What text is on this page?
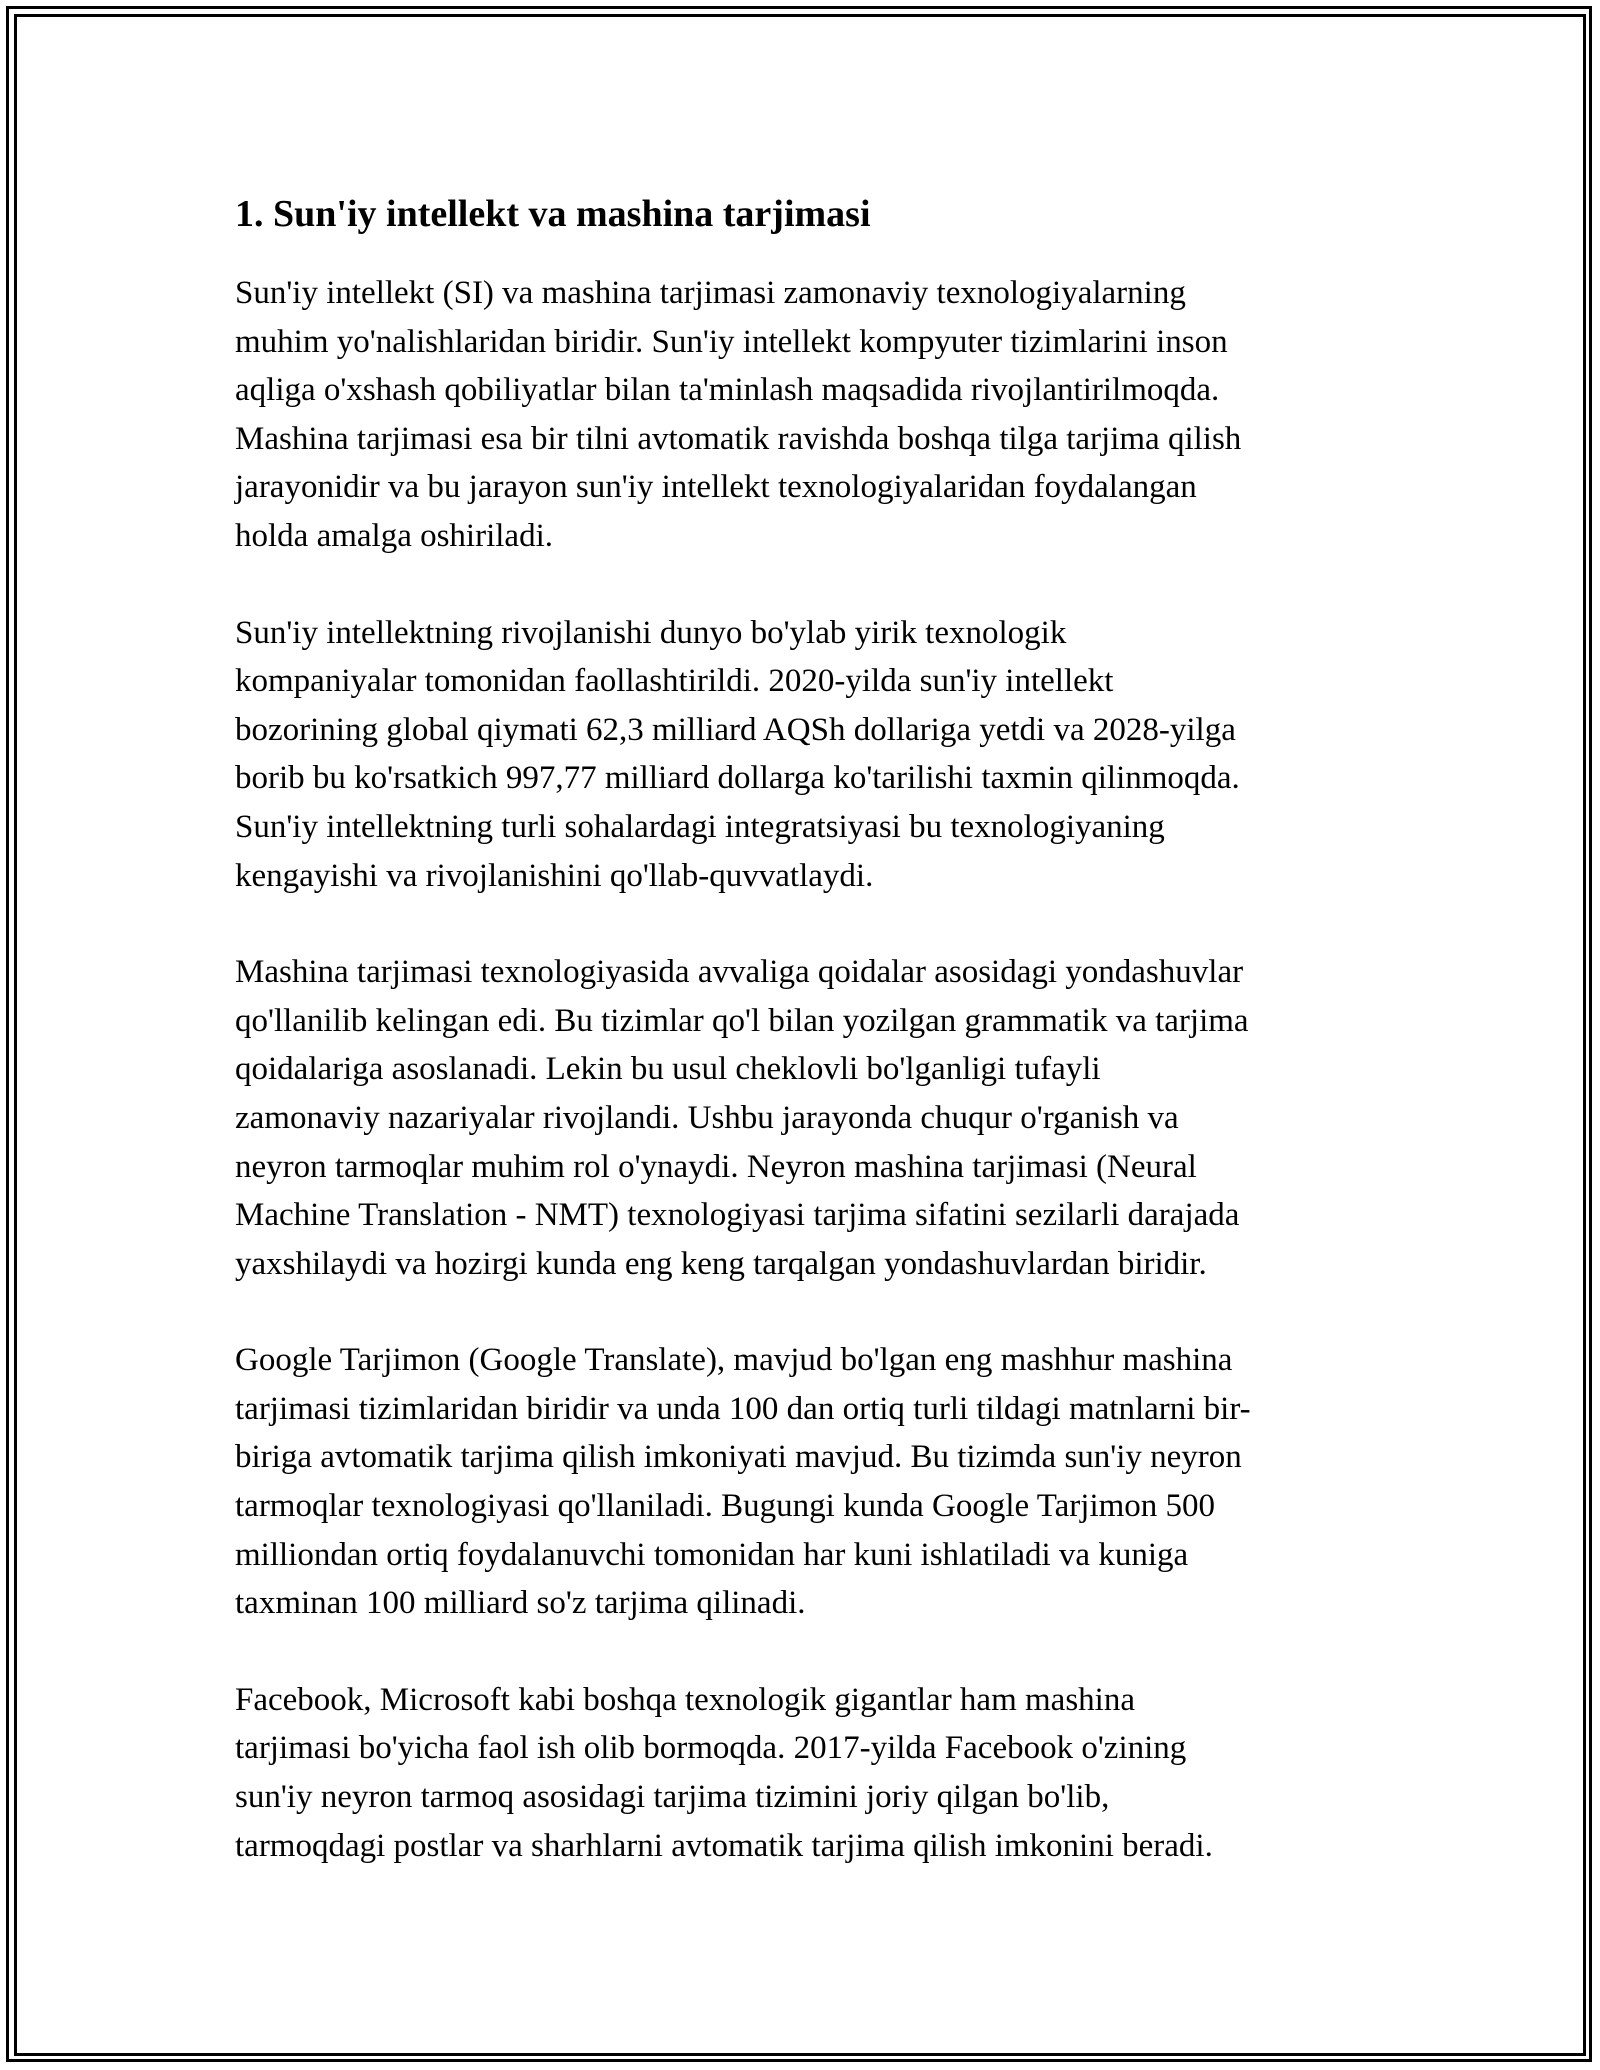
1. Sun'iy intellekt va mashina tarjimasi

Sun'iy intellekt (SI) va mashina tarjimasi zamonaviy texnologiyalarning
muhim yo'nalishlaridan biridir. Sun'iy intellekt kompyuter tizimlarini inson
aqliga o'xshash qobiliyatlar bilan ta'minlash maqsadida rivojlantirilmoqda.
Mashina tarjimasi esa bir tilni avtomatik ravishda boshqa tilga tarjima qilish
jarayonidir va bu jarayon sun'iy intellekt texnologiyalaridan foydalangan
holda amalga oshiriladi.

Sun'iy intellektning rivojlanishi dunyo bo'ylab yirik texnologik
kompaniyalar tomonidan faollashtirildi. 2020-yilda sun'iy intellekt
bozorining global qiymati 62,3 milliard AQSh dollariga yetdi va 2028-yilga
borib bu ko'rsatkich 997,77 milliard dollarga ko'tarilishi taxmin qilinmoqda.
Sun'iy intellektning turli sohalardagi integratsiyasi bu texnologiyaning
kengayishi va rivojlanishini qo'llab-quvvatlaydi.

Mashina tarjimasi texnologiyasida avvaliga qoidalar asosidagi yondashuvlar
qo'llanilib kelingan edi. Bu tizimlar qo'l bilan yozilgan grammatik va tarjima
qoidalariga asoslanadi. Lekin bu usul cheklovli bo'lganligi tufayli
zamonaviy nazariyalar rivojlandi. Ushbu jarayonda chuqur o'rganish va
neyron tarmoqlar muhim rol o'ynaydi. Neyron mashina tarjimasi (Neural
Machine Translation - NMT) texnologiyasi tarjima sifatini sezilarli darajada
yaxshilaydi va hozirgi kunda eng keng tarqalgan yondashuvlardan biridir.

Google Tarjimon (Google Translate), mavjud bo'lgan eng mashhur mashina
tarjimasi tizimlaridan biridir va unda 100 dan ortiq turli tildagi matnlarni bir-
biriga avtomatik tarjima qilish imkoniyati mavjud. Bu tizimda sun'iy neyron
tarmoqlar texnologiyasi qo'llaniladi. Bugungi kunda Google Tarjimon 500
milliondan ortiq foydalanuvchi tomonidan har kuni ishlatiladi va kuniga
taxminan 100 milliard so'z tarjima qilinadi.

Facebook, Microsoft kabi boshqa texnologik gigantlar ham mashina
tarjimasi bo'yicha faol ish olib bormoqda. 2017-yilda Facebook o'zining
sun'iy neyron tarmoq asosidagi tarjima tizimini joriy qilgan bo'lib,
tarmoqdagi postlar va sharhlarni avtomatik tarjima qilish imkonini beradi.
